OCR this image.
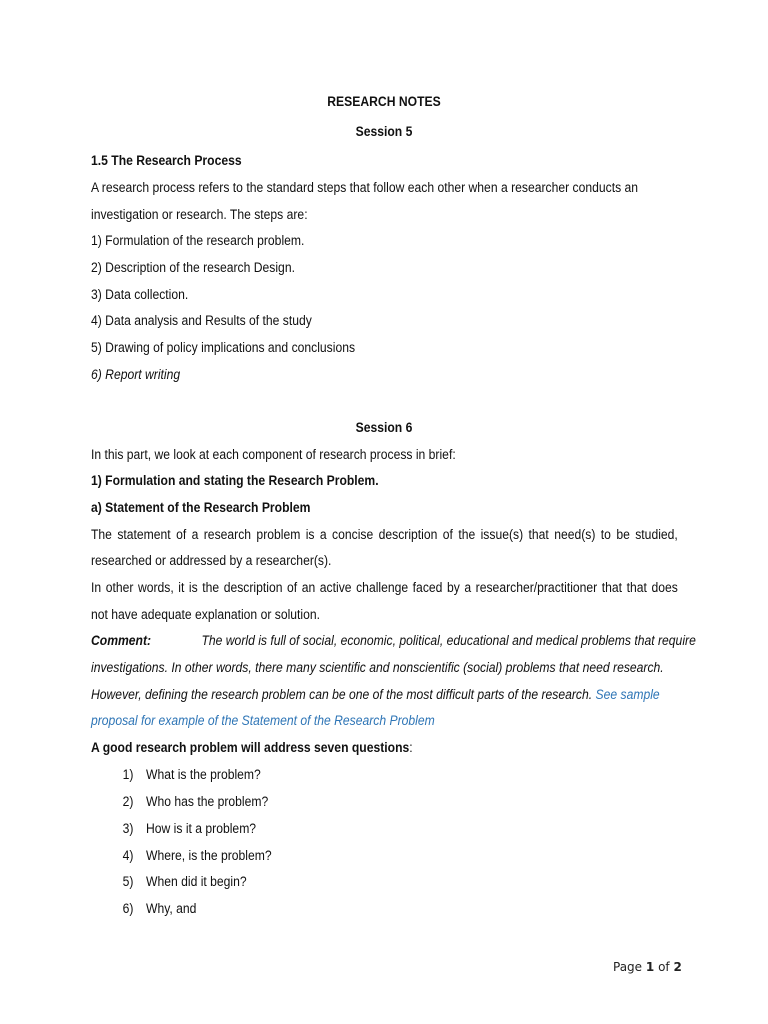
RESEARCH NOTES
Session 5
1.5 The Research Process
A research process refers to the standard steps that follow each other when a researcher conducts an
investigation or research. The steps are:
1) Formulation of the research problem.
2) Description of the research Design.
3) Data collection.
4) Data analysis and Results of the study
5) Drawing of policy implications and conclusions
6) Report writing
Session 6
In this part, we look at each component of research process in brief:
1) Formulation and stating the Research Problem.
a) Statement of the Research Problem
The statement of a research problem is a concise description of the issue(s) that need(s) to be studied,
researched or addressed by a researcher(s).
In other words, it is the description of an active challenge faced by a researcher/practitioner that that does
not have adequate explanation or solution.
Comment:	The world is full of social, economic, political, educational and medical problems that require
investigations. In other words, there many scientific and nonscientific (social) problems that need research.
However, defining the research problem can be one of the most difficult parts of the research. See sample
proposal for example of the Statement of the Research Problem
A good research problem will address seven questions:
1) What is the problem?
2) Who has the problem?
3) How is it a problem?
4) Where, is the problem?
5) When did it begin?
6) Why, and
Page 1 of 2
